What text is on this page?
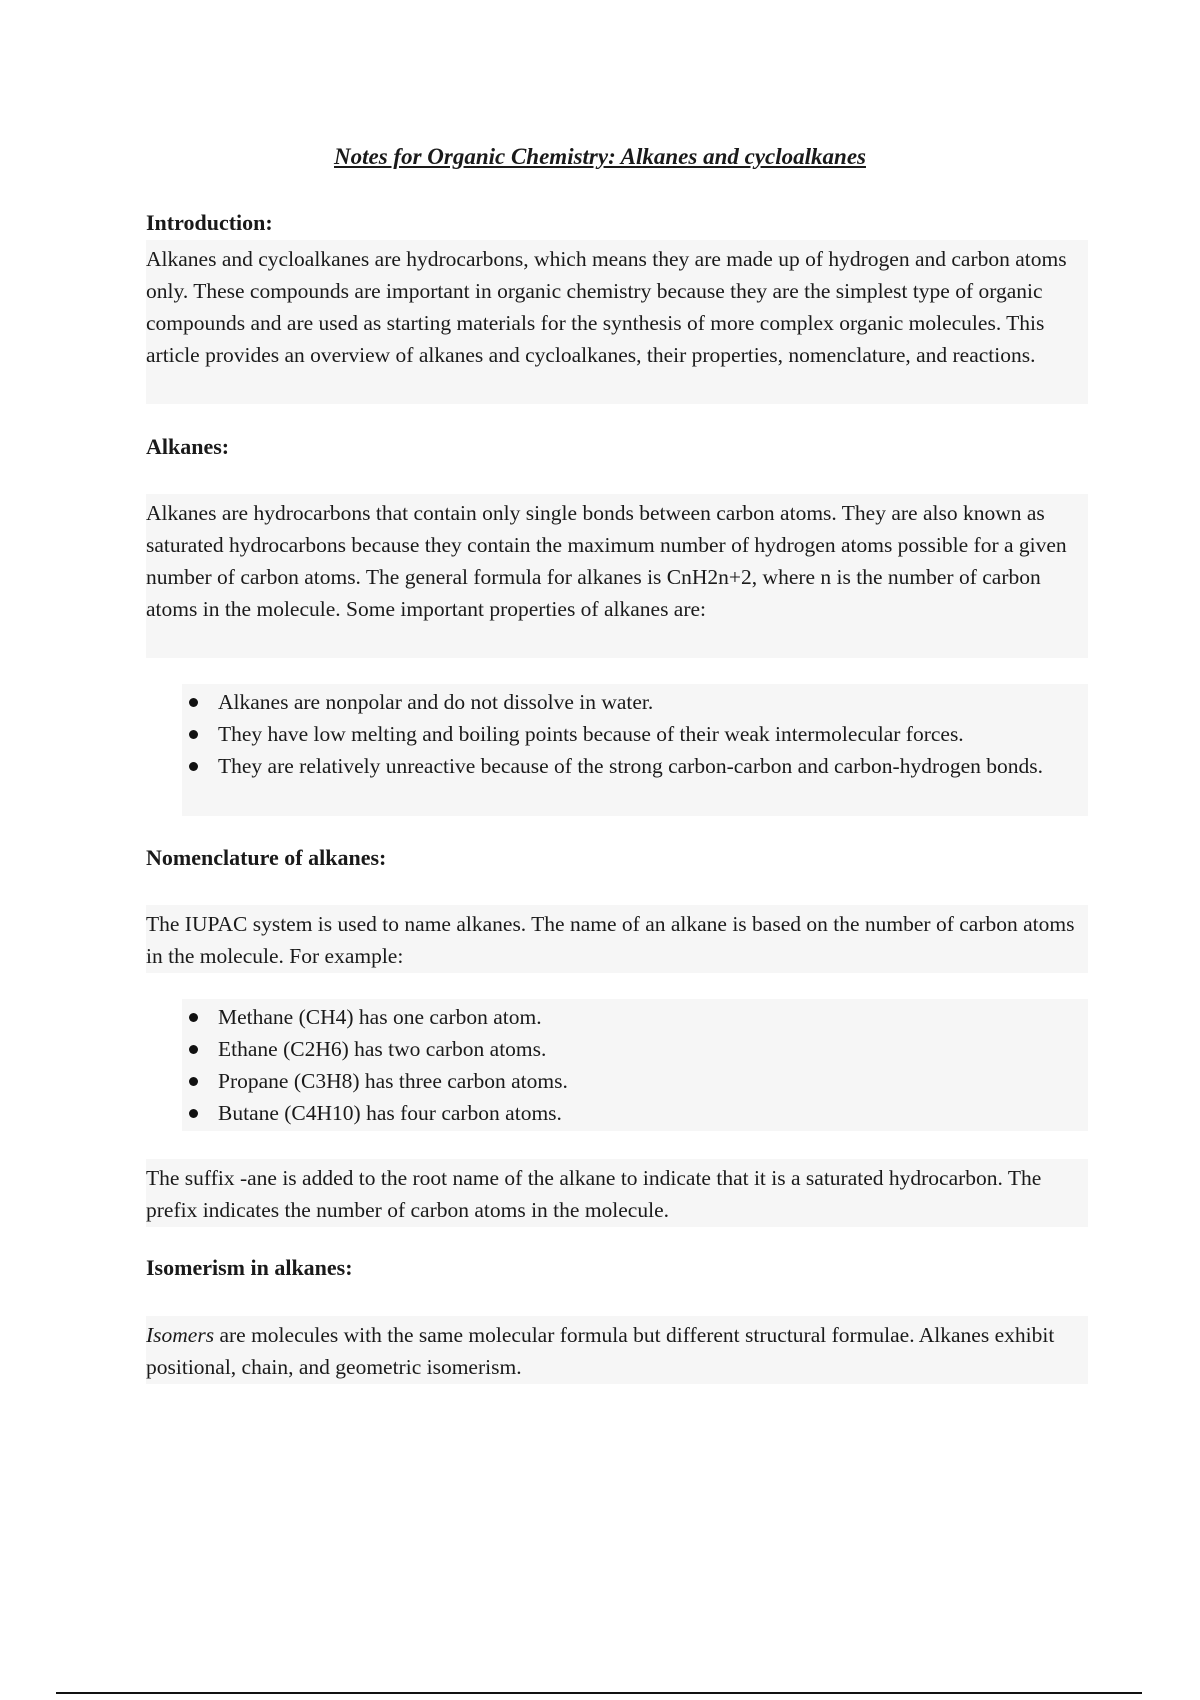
Notes for Organic Chemistry: Alkanes and cycloalkanes
Introduction:

Alkanes and cycloalkanes are hydrocarbons, which means they are made up of hydrogen and carbon atoms only. These compounds are important in organic chemistry because they are the simplest type of organic compounds and are used as starting materials for the synthesis of more complex organic molecules. This article provides an overview of alkanes and cycloalkanes, their properties, nomenclature, and reactions.

Alkanes:

Alkanes are hydrocarbons that contain only single bonds between carbon atoms. They are also known as saturated hydrocarbons because they contain the maximum number of hydrogen atoms possible for a given number of carbon atoms. The general formula for alkanes is CnH2n+2, where n is the number of carbon atoms in the molecule. Some important properties of alkanes are:

Alkanes are nonpolar and do not dissolve in water.
They have low melting and boiling points because of their weak intermolecular forces.
They are relatively unreactive because of the strong carbon-carbon and carbon-hydrogen bonds.
Nomenclature of alkanes:

The IUPAC system is used to name alkanes. The name of an alkane is based on the number of carbon atoms in the molecule. For example:

Methane (CH4) has one carbon atom.
Ethane (C2H6) has two carbon atoms.
Propane (C3H8) has three carbon atoms.
Butane (C4H10) has four carbon atoms.

The suffix -ane is added to the root name of the alkane to indicate that it is a saturated hydrocarbon. The prefix indicates the number of carbon atoms in the molecule.

Isomerism in alkanes:

Isomers are molecules with the same molecular formula but different structural formulae. Alkanes exhibit positional, chain, and geometric isomerism.
